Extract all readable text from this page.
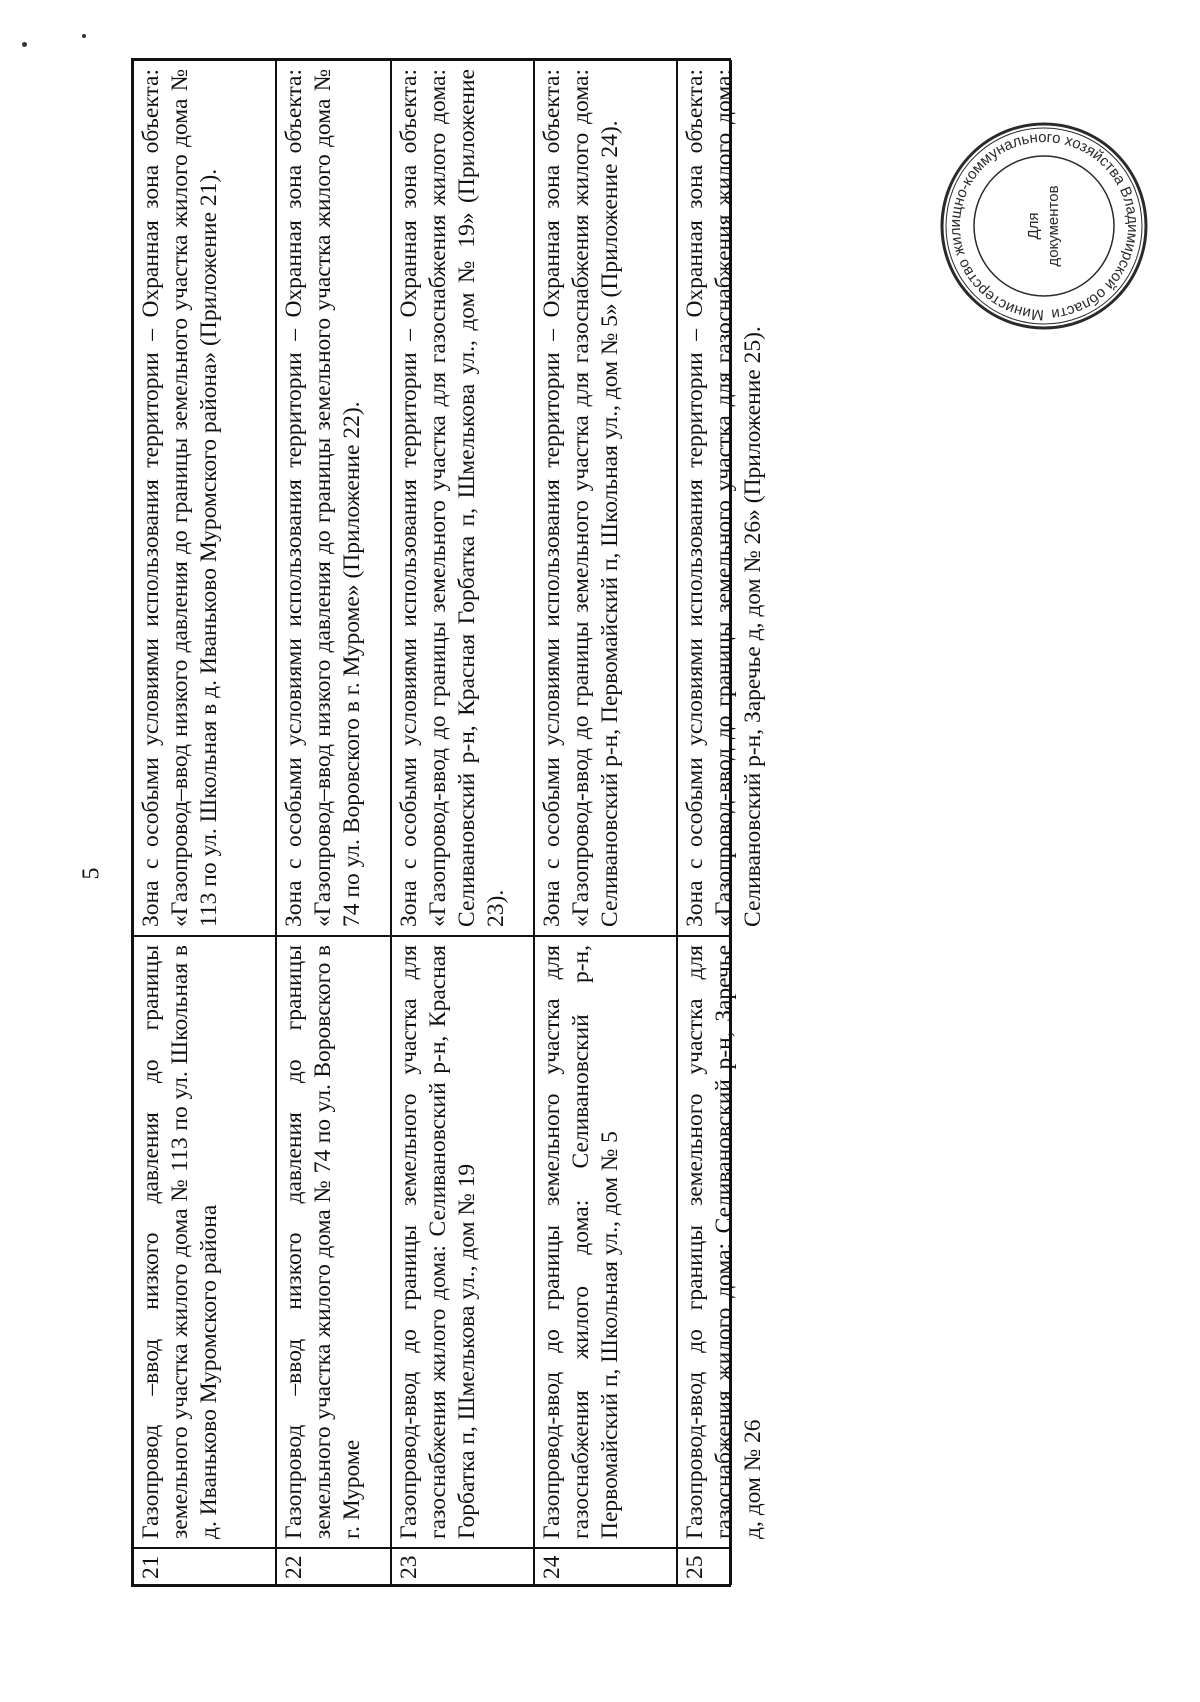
5
21
Газопровод –ввод низкого давления до границы земельного участка жилого дома № 113 по ул. Школьная в д. Иваньково Муромского района
Зона с особыми условиями использования территории – Охранная зона объекта: «Газопровод–ввод низкого давления до границы земельного участка жилого дома № 113 по ул. Школьная в д. Иваньково Муромского района» (Приложение 21).
22
Газопровод –ввод низкого давления до границы земельного участка жилого дома № 74 по ул. Воровского в г. Муроме
Зона с особыми условиями использования территории – Охранная зона объекта: «Газопровод–ввод низкого давления до границы земельного участка жилого дома № 74 по ул. Воровского в г. Муроме» (Приложение 22).
23
Газопровод-ввод до границы земельного участка для газоснабжения жилого дома: Селивановский р-н, Красная Горбатка п, Шмелькова ул., дом № 19
Зона с особыми условиями использования территории – Охранная зона объекта: «Газопровод-ввод до границы земельного участка для газоснабжения жилого дома: Селивановский р-н, Красная Горбатка п, Шмелькова ул., дом № 19» (Приложение 23).
24
Газопровод-ввод до границы земельного участка для газоснабжения жилого дома: Селивановский р-н, Первомайский п, Школьная ул., дом № 5
Зона с особыми условиями использования территории – Охранная зона объекта: «Газопровод-ввод до границы земельного участка для газоснабжения жилого дома: Селивановский р-н, Первомайский п, Школьная ул., дом № 5» (Приложение 24).
25
Газопровод-ввод до границы земельного участка для газоснабжения жилого дома: Селивановский р-н, Заречье д, дом № 26
Зона с особыми условиями использования территории – Охранная зона объекта: «Газопровод-ввод до границы земельного участка для газоснабжения жилого дома: Селивановский р-н, Заречье д, дом № 26» (Приложение 25).
Министерство жилищно-коммунального хозяйства Владимирской области
Для документов
